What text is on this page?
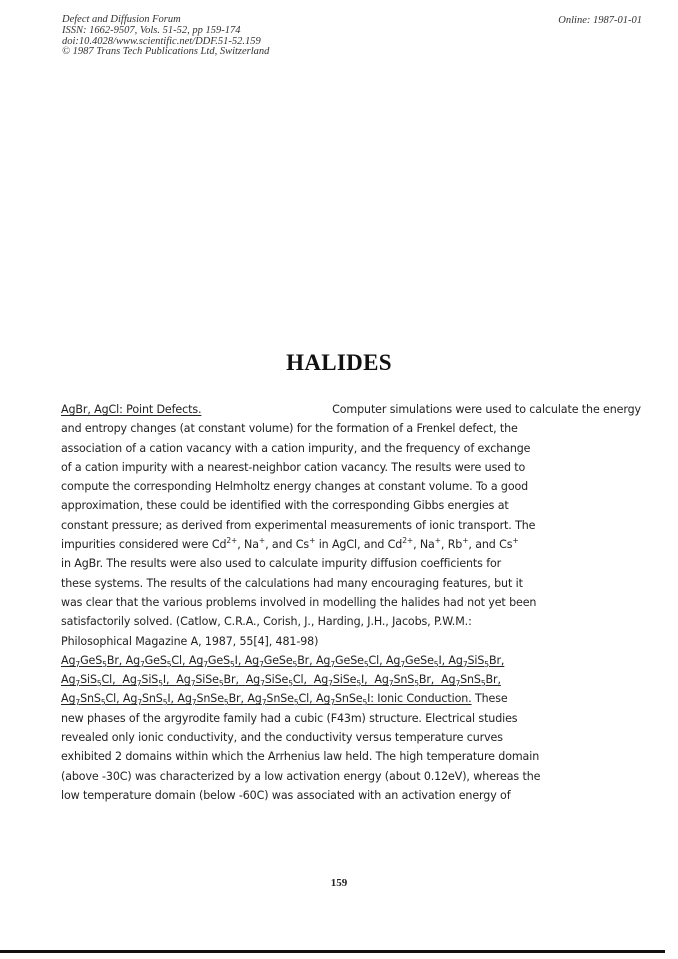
Defect and Diffusion Forum
ISSN: 1662-9507, Vols. 51-52, pp 159-174
doi:10.4028/www.scientific.net/DDF.51-52.159
© 1987 Trans Tech Publications Ltd, Switzerland
Online: 1987-01-01
HALIDES
AgBr, AgCl: Point Defects.	Computer simulations were used to calculate the energy
and entropy changes (at constant volume) for the formation of a Frenkel defect, the
association of a cation vacancy with a cation impurity, and the frequency of exchange
of a cation impurity with a nearest-neighbor cation vacancy. The results were used to
compute the corresponding Helmholtz energy changes at constant volume. To a good
approximation, these could be identified with the corresponding Gibbs energies at
constant pressure; as derived from experimental measurements of ionic transport. The
impurities considered were $Cd^{2+}$, Na+, and Cs+ in AgCl, and $Cd^{2+}$, Na+, Rb+, and Cs+
in AgBr. The results were also used to calculate impurity diffusion coefficients for
these systems. The results of the calculations had many encouraging features, but it
was clear that the various problems involved in modelling the halides had not yet been
satisfactorily solved. (Catlow, C.R.A., Corish, J., Harding, J.H., Jacobs, P.W.M.:
Philosophical Magazine A, 1987, 55[4], 481-98)
$Ag_7GeS_5Br$, $Ag_7GeS_5Cl$, $Ag_7GeS_5I$, $Ag_7GeSe_5Br$, $Ag_7GeSe_5Cl$, $Ag_7GeSe_5I$, $Ag_7SiS_5Br$,
$Ag_7SiS_5Cl$, $Ag_7SiS_5I$, $Ag_7SiSe_5Br$, $Ag_7SiSe_5Cl$, $Ag_7SiSe_5I$, $Ag_7SnS_5Br$, $Ag_7SnS_5Br$,
$Ag_7SnS_5Cl$, $Ag_7SnS_5I$, $Ag_7SnSe_5Br$, $Ag_7SnSe_5Cl$, $Ag_7SnSe_5I$: Ionic Conduction. These
new phases of the argyrodite family had a cubic (F43m) structure. Electrical studies
revealed only ionic conductivity, and the conductivity versus temperature curves
exhibited 2 domains within which the Arrhenius law held. The high temperature domain
(above -30C) was characterized by a low activation energy (about 0.12eV), whereas the
low temperature domain (below -60C) was associated with an activation energy of
159
